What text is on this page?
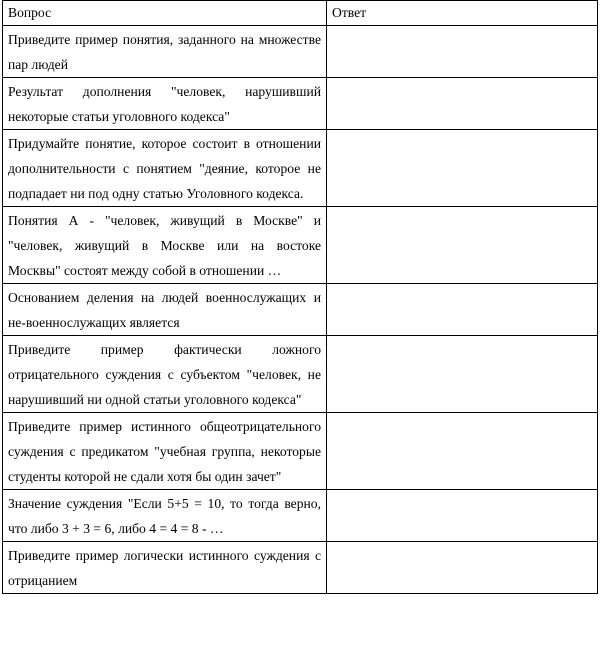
Вопрос	Ответ
Приведите пример понятия, заданного на множестве пар людей	
Результат дополнения "человек, нарушивший некоторые статьи уголовного кодекса"	
Придумайте понятие, которое состоит в отношении дополнительности с понятием "деяние, которое не подпадает ни под одну статью Уголовного кодекса.	
Понятия А - "человек, живущий в Москве" и "человек, живущий в Москве или на востоке Москвы" состоят между собой в отношении …	
Основанием деления на людей военнослужащих и не-военнослужащих является	
Приведите пример фактически ложного отрицательного суждения с субъектом "человек, не нарушивший ни одной статьи уголовного кодекса"	
Приведите пример истинного общеотрицательного суждения с предикатом "учебная группа, некоторые студенты которой не сдали хотя бы один зачет"	
Значение суждения "Если 5+5 = 10, то тогда верно, что либо 3 + 3 = 6, либо 4 = 4 = 8 - …	
Приведите пример логически истинного суждения с отрицанием	
